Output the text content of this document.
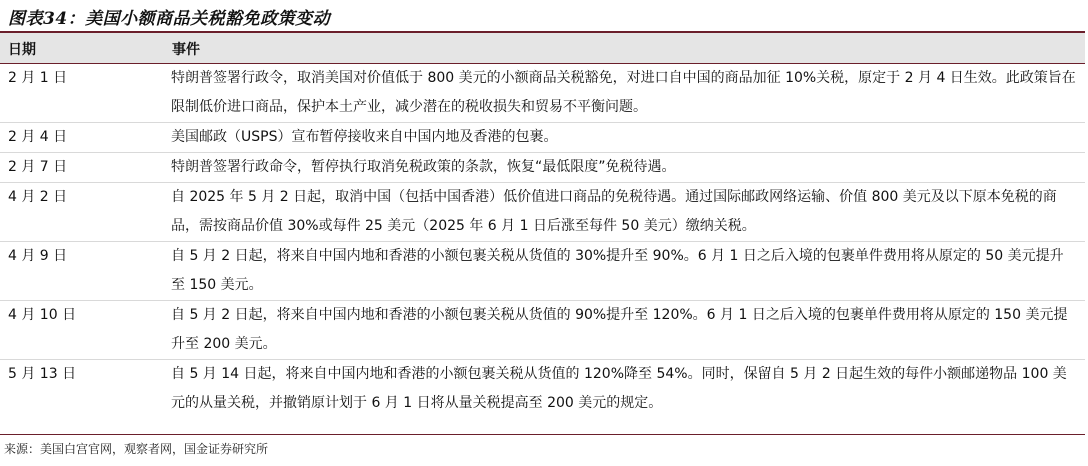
图表34：美国小额商品关税豁免政策变动
日期	事件
2 月 1 日	特朗普签署行政令，取消美国对价值低于 800 美元的小额商品关税豁免，对进口自中国的商品加征 10%关税，原定于 2 月 4 日生效。此政策旨在限制低价进口商品，保护本土产业，减少潜在的税收损失和贸易不平衡问题。
2 月 4 日	美国邮政（USPS）宣布暂停接收来自中国内地及香港的包裹。
2 月 7 日	特朗普签署行政命令，暂停执行取消免税政策的条款，恢复“最低限度”免税待遇。
4 月 2 日	自 2025 年 5 月 2 日起，取消中国（包括中国香港）低价值进口商品的免税待遇。通过国际邮政网络运输、价值 800 美元及以下原本免税的商品，需按商品价值 30%或每件 25 美元（2025 年 6 月 1 日后涨至每件 50 美元）缴纳关税。
4 月 9 日	自 5 月 2 日起，将来自中国内地和香港的小额包裹关税从货值的 30%提升至 90%。6 月 1 日之后入境的包裹单件费用将从原定的 50 美元提升至 150 美元。
4 月 10 日	自 5 月 2 日起，将来自中国内地和香港的小额包裹关税从货值的 90%提升至 120%。6 月 1 日之后入境的包裹单件费用将从原定的 150 美元提升至 200 美元。
5 月 13 日	自 5 月 14 日起，将来自中国内地和香港的小额包裹关税从货值的 120%降至 54%。同时，保留自 5 月 2 日起生效的每件小额邮递物品 100 美元的从量关税，并撤销原计划于 6 月 1 日将从量关税提高至 200 美元的规定。
来源：美国白宫官网，观察者网，国金证券研究所
